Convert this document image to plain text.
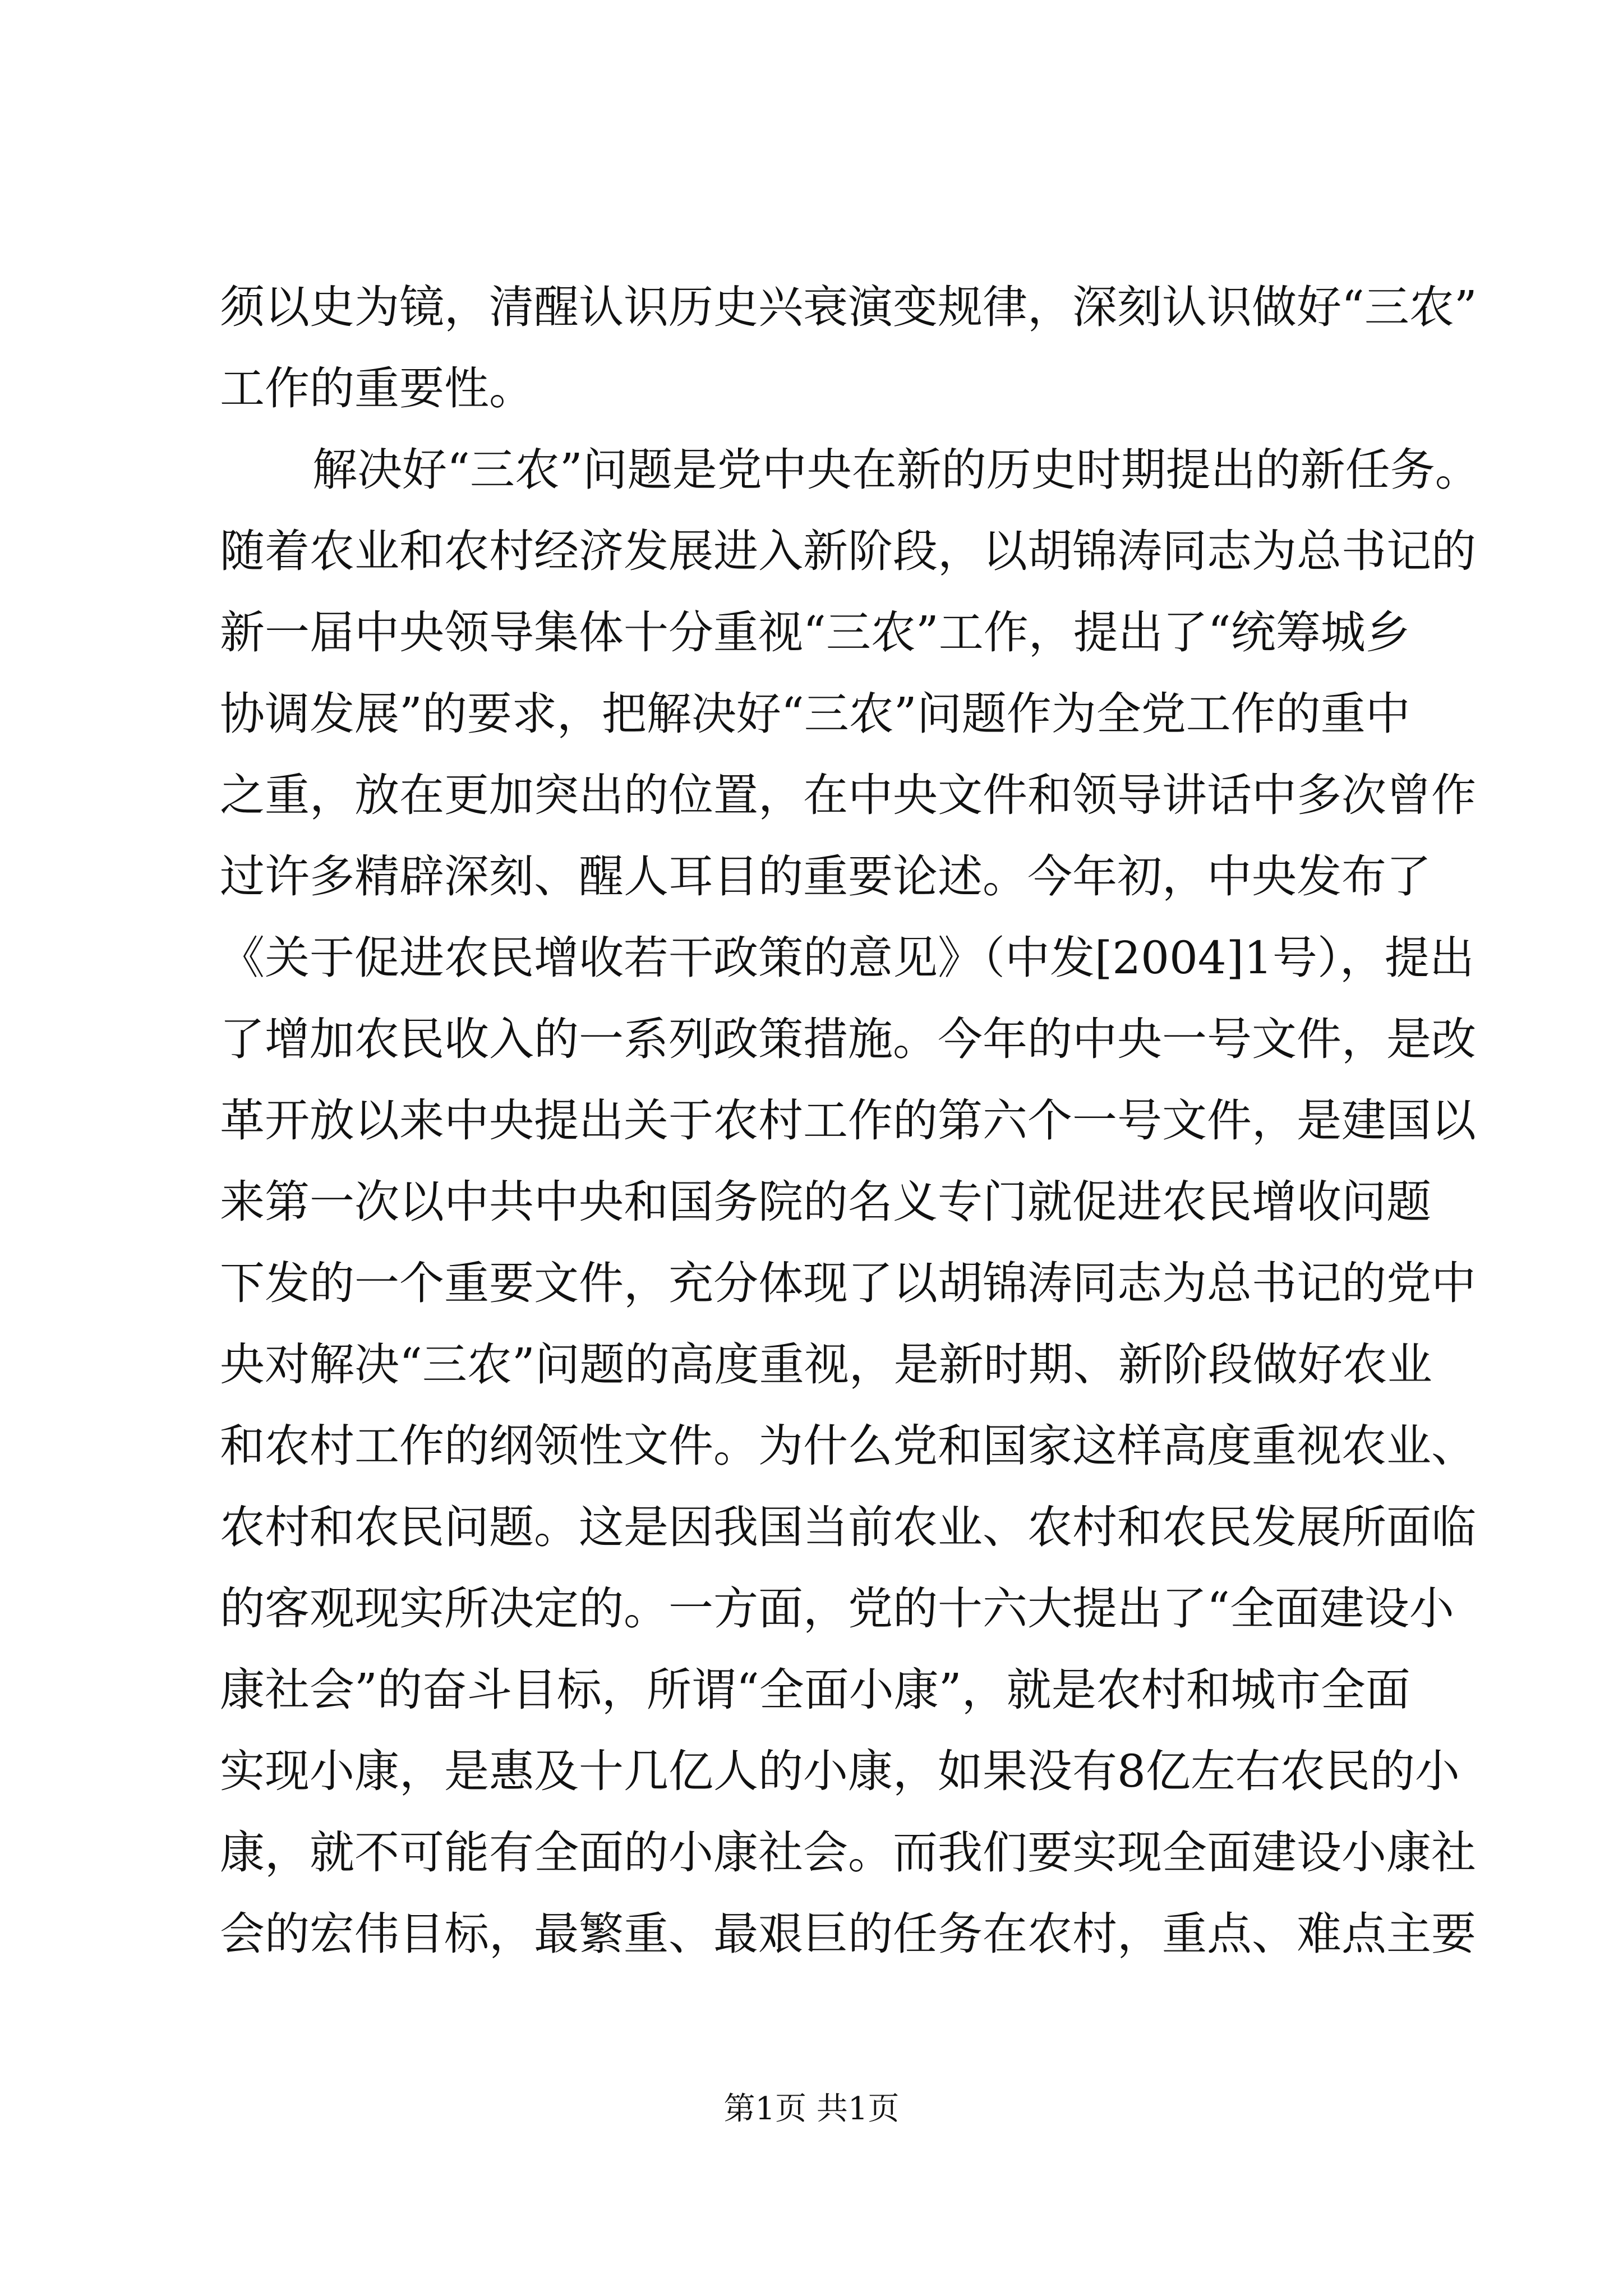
须以史为镜，清醒认识历史兴衰演变规律，深刻认识做好“三农”
工作的重要性。
解决好“三农”问题是党中央在新的历史时期提出的新任务。
随着农业和农村经济发展进入新阶段，以胡锦涛同志为总书记的
新一届中央领导集体十分重视“三农”工作，提出了“统筹城乡
协调发展”的要求，把解决好“三农”问题作为全党工作的重中
之重，放在更加突出的位置，在中央文件和领导讲话中多次曾作
过许多精辟深刻、醒人耳目的重要论述。今年初，中央发布了
《关于促进农民增收若干政策的意见》（中发[2004]1号），提出
了增加农民收入的一系列政策措施。今年的中央一号文件，是改
革开放以来中央提出关于农村工作的第六个一号文件，是建国以
来第一次以中共中央和国务院的名义专门就促进农民增收问题
下发的一个重要文件，充分体现了以胡锦涛同志为总书记的党中
央对解决“三农”问题的高度重视，是新时期、新阶段做好农业
和农村工作的纲领性文件。为什么党和国家这样高度重视农业、
农村和农民问题。这是因我国当前农业、农村和农民发展所面临
的客观现实所决定的。一方面，党的十六大提出了“全面建设小
康社会”的奋斗目标，所谓“全面小康”，就是农村和城市全面
实现小康，是惠及十几亿人的小康，如果没有8亿左右农民的小
康，就不可能有全面的小康社会。而我们要实现全面建设小康社
会的宏伟目标，最繁重、最艰巨的任务在农村，重点、难点主要
第1页 共1页
